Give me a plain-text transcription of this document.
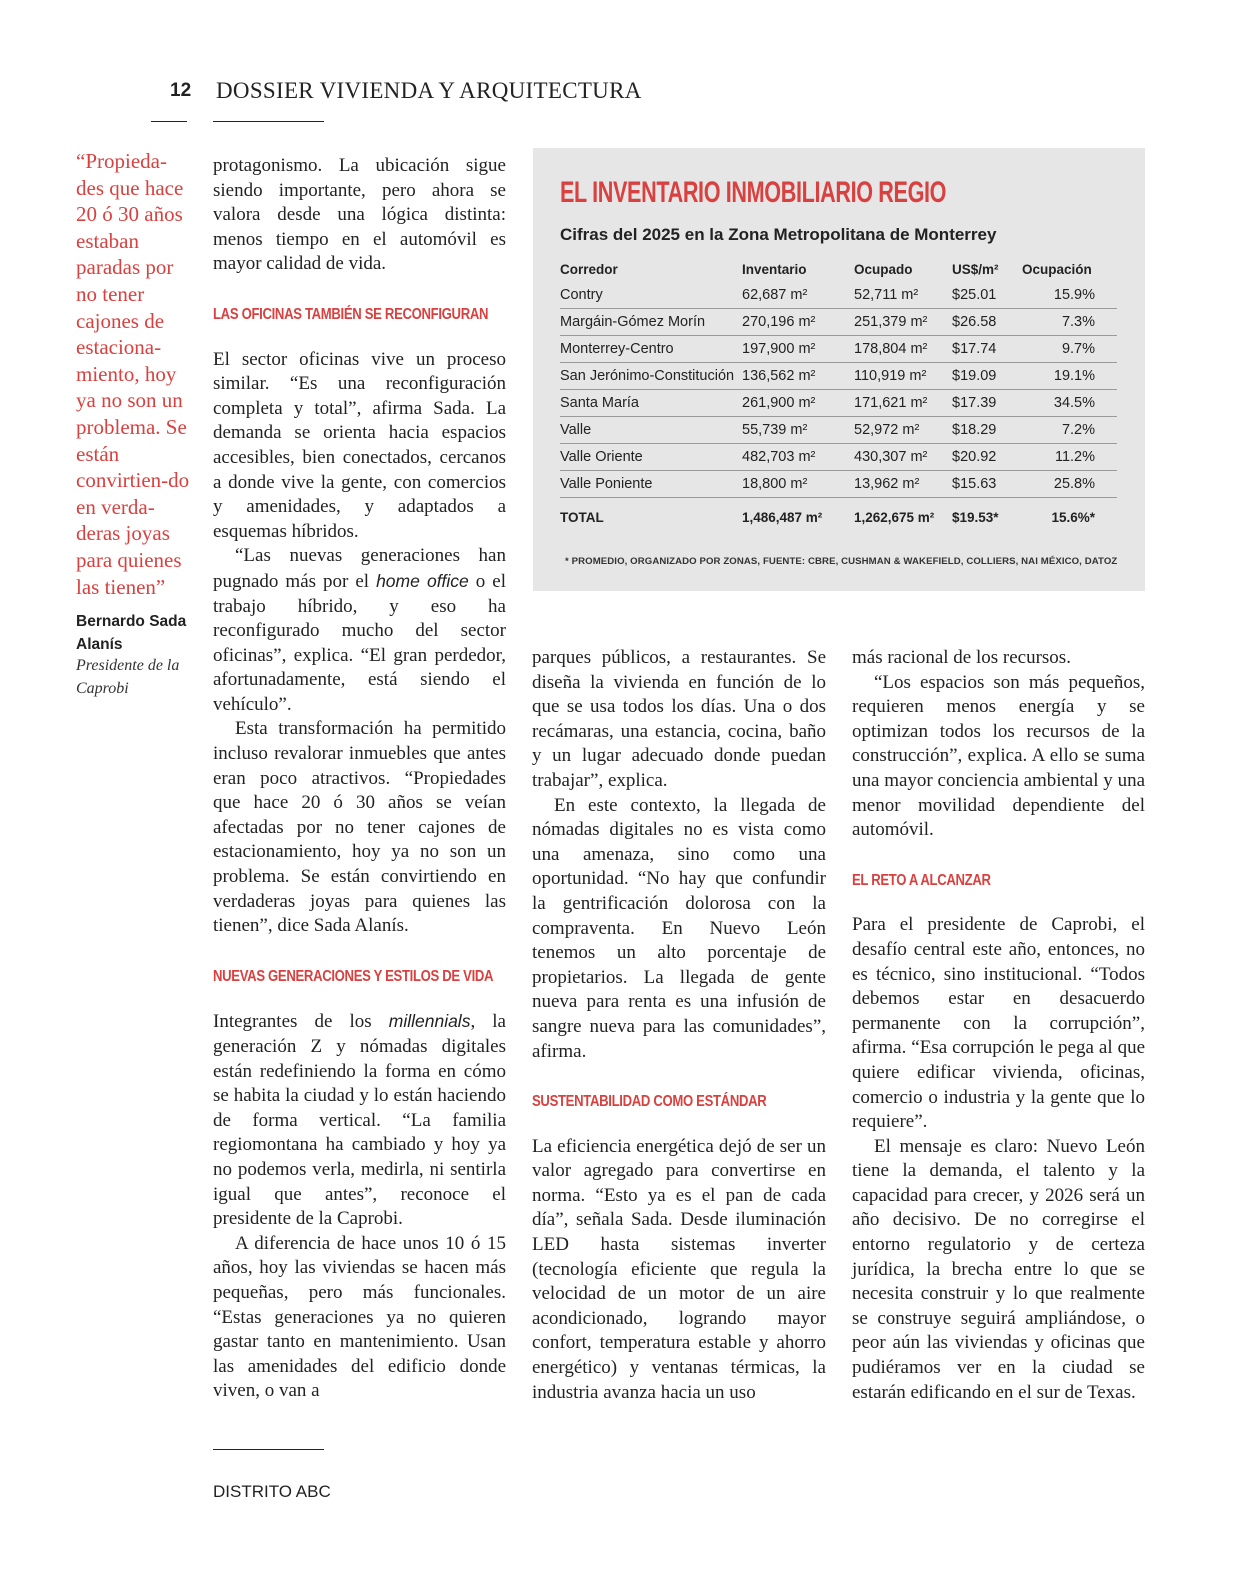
12 DOSSIER VIVIENDA Y ARQUITECTURA
“Propieda-des que hace 20 ó 30 años estaban paradas por no tener cajones de estaciona-miento, hoy ya no son un problema. Se están convirtien-do en verda-deras joyas para quienes las tienen”
Bernardo Sada Alanís
Presidente de la Caprobi

protagonismo. La ubicación sigue siendo importante, pero ahora se valora desde una lógica distinta: menos tiempo en el automóvil es mayor calidad de vida.

LAS OFICINAS TAMBIÉN SE RECONFIGURAN

El sector oficinas vive un proceso similar. “Es una reconfiguración completa y total”, afirma Sada. La demanda se orienta hacia espacios accesibles, bien conectados, cercanos a donde vive la gente, con comercios y amenidades, y adaptados a esquemas híbridos.

“Las nuevas generaciones han pugnado más por el home office o el trabajo híbrido, y eso ha reconfigurado mucho del sector oficinas”, explica. “El gran perdedor, afortunadamente, está siendo el vehículo”.

Esta transformación ha permitido incluso revalorar inmuebles que antes eran poco atractivos. “Propiedades que hace 20 ó 30 años se veían afectadas por no tener cajones de estacionamiento, hoy ya no son un problema. Se están convirtiendo en verdaderas joyas para quienes las tienen”, dice Sada Alanís.

NUEVAS GENERACIONES Y ESTILOS DE VIDA

Integrantes de los millennials, la generación Z y nómadas digitales están redefiniendo la forma en cómo se habita la ciudad y lo están haciendo de forma vertical. “La familia regiomontana ha cambiado y hoy ya no podemos verla, medirla, ni sentirla igual que antes”, reconoce el presidente de la Caprobi.

A diferencia de hace unos 10 ó 15 años, hoy las viviendas se hacen más pequeñas, pero más funcionales. “Estas generaciones ya no quieren gastar tanto en mantenimiento. Usan las amenidades del edificio donde viven, o van a

EL INVENTARIO INMOBILIARIO REGIO
Cifras del 2025 en la Zona Metropolitana de Monterrey
Corredor	Inventario	Ocupado	US$/m²	Ocupación
Contry	62,687 m²	52,711 m²	$25.01	15.9%
Margáin-Gómez Morín	270,196 m²	251,379 m²	$26.58	7.3%
Monterrey-Centro	197,900 m²	178,804 m²	$17.74	9.7%
San Jerónimo-Constitución	136,562 m²	110,919 m²	$19.09	19.1%
Santa María	261,900 m²	171,621 m²	$17.39	34.5%
Valle	55,739 m²	52,972 m²	$18.29	7.2%
Valle Oriente	482,703 m²	430,307 m²	$20.92	11.2%
Valle Poniente	18,800 m²	13,962 m²	$15.63	25.8%
TOTAL	1,486,487 m²	1,262,675 m²	$19.53*	15.6%*
* PROMEDIO, ORGANIZADO POR ZONAS, FUENTE: CBRE, CUSHMAN & WAKEFIELD, COLLIERS, NAI MÉXICO, DATOZ

parques públicos, a restaurantes. Se diseña la vivienda en función de lo que se usa todos los días. Una o dos recámaras, una estancia, cocina, baño y un lugar adecuado donde puedan trabajar”, explica.

En este contexto, la llegada de nómadas digitales no es vista como una amenaza, sino como una oportunidad. “No hay que confundir la gentrificación dolorosa con la compraventa. En Nuevo León tenemos un alto porcentaje de propietarios. La llegada de gente nueva para renta es una infusión de sangre nueva para las comunidades”, afirma.

SUSTENTABILIDAD COMO ESTÁNDAR

La eficiencia energética dejó de ser un valor agregado para convertirse en norma. “Esto ya es el pan de cada día”, señala Sada. Desde iluminación LED hasta sistemas inverter (tecnología eficiente que regula la velocidad de un motor de un aire acondicionado, logrando mayor confort, temperatura estable y ahorro energético) y ventanas térmicas, la industria avanza hacia un uso

más racional de los recursos.

“Los espacios son más pequeños, requieren menos energía y se optimizan todos los recursos de la construcción”, explica. A ello se suma una mayor conciencia ambiental y una menor movilidad dependiente del automóvil.

EL RETO A ALCANZAR

Para el presidente de Caprobi, el desafío central este año, entonces, no es técnico, sino institucional. “Todos debemos estar en desacuerdo permanente con la corrupción”, afirma. “Esa corrupción le pega al que quiere edificar vivienda, oficinas, comercio o industria y la gente que lo requiere”.

El mensaje es claro: Nuevo León tiene la demanda, el talento y la capacidad para crecer, y 2026 será un año decisivo. De no corregirse el entorno regulatorio y de certeza jurídica, la brecha entre lo que se necesita construir y lo que realmente se construye seguirá ampliándose, o peor aún las viviendas y oficinas que pudiéramos ver en la ciudad se estarán edificando en el sur de Texas.

DISTRITO ABC
